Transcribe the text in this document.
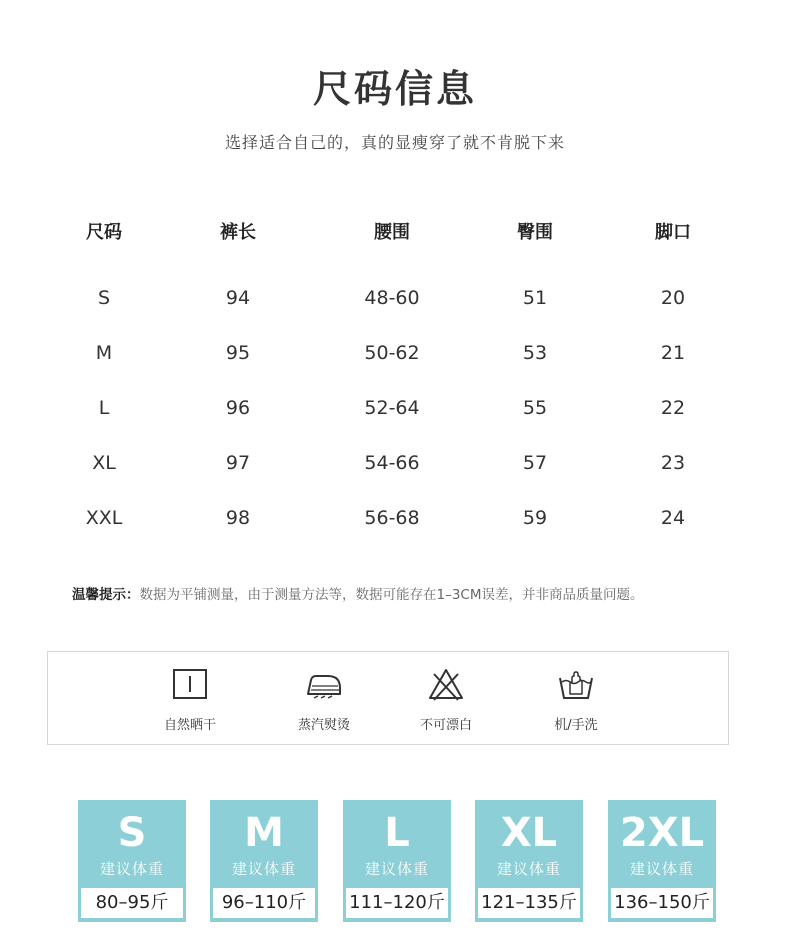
尺码信息
选择适合自己的，真的显瘦穿了就不肯脱下来
尺码	裤长	腰围	臀围	脚口
S	94	48-60	51	20
M	95	50-62	53	21
L	96	52-64	55	22
XL	97	54-66	57	23
XXL	98	56-68	59	24
温馨提示：数据为平铺测量，由于测量方法等，数据可能存在1–3CM误差，并非商品质量问题。
自然晒干	蒸汽熨烫	不可漂白	机/手洗
S
建议体重
80–95斤
M
建议体重
96–110斤
L
建议体重
111–120斤
XL
建议体重
121–135斤
2XL
建议体重
136–150斤
